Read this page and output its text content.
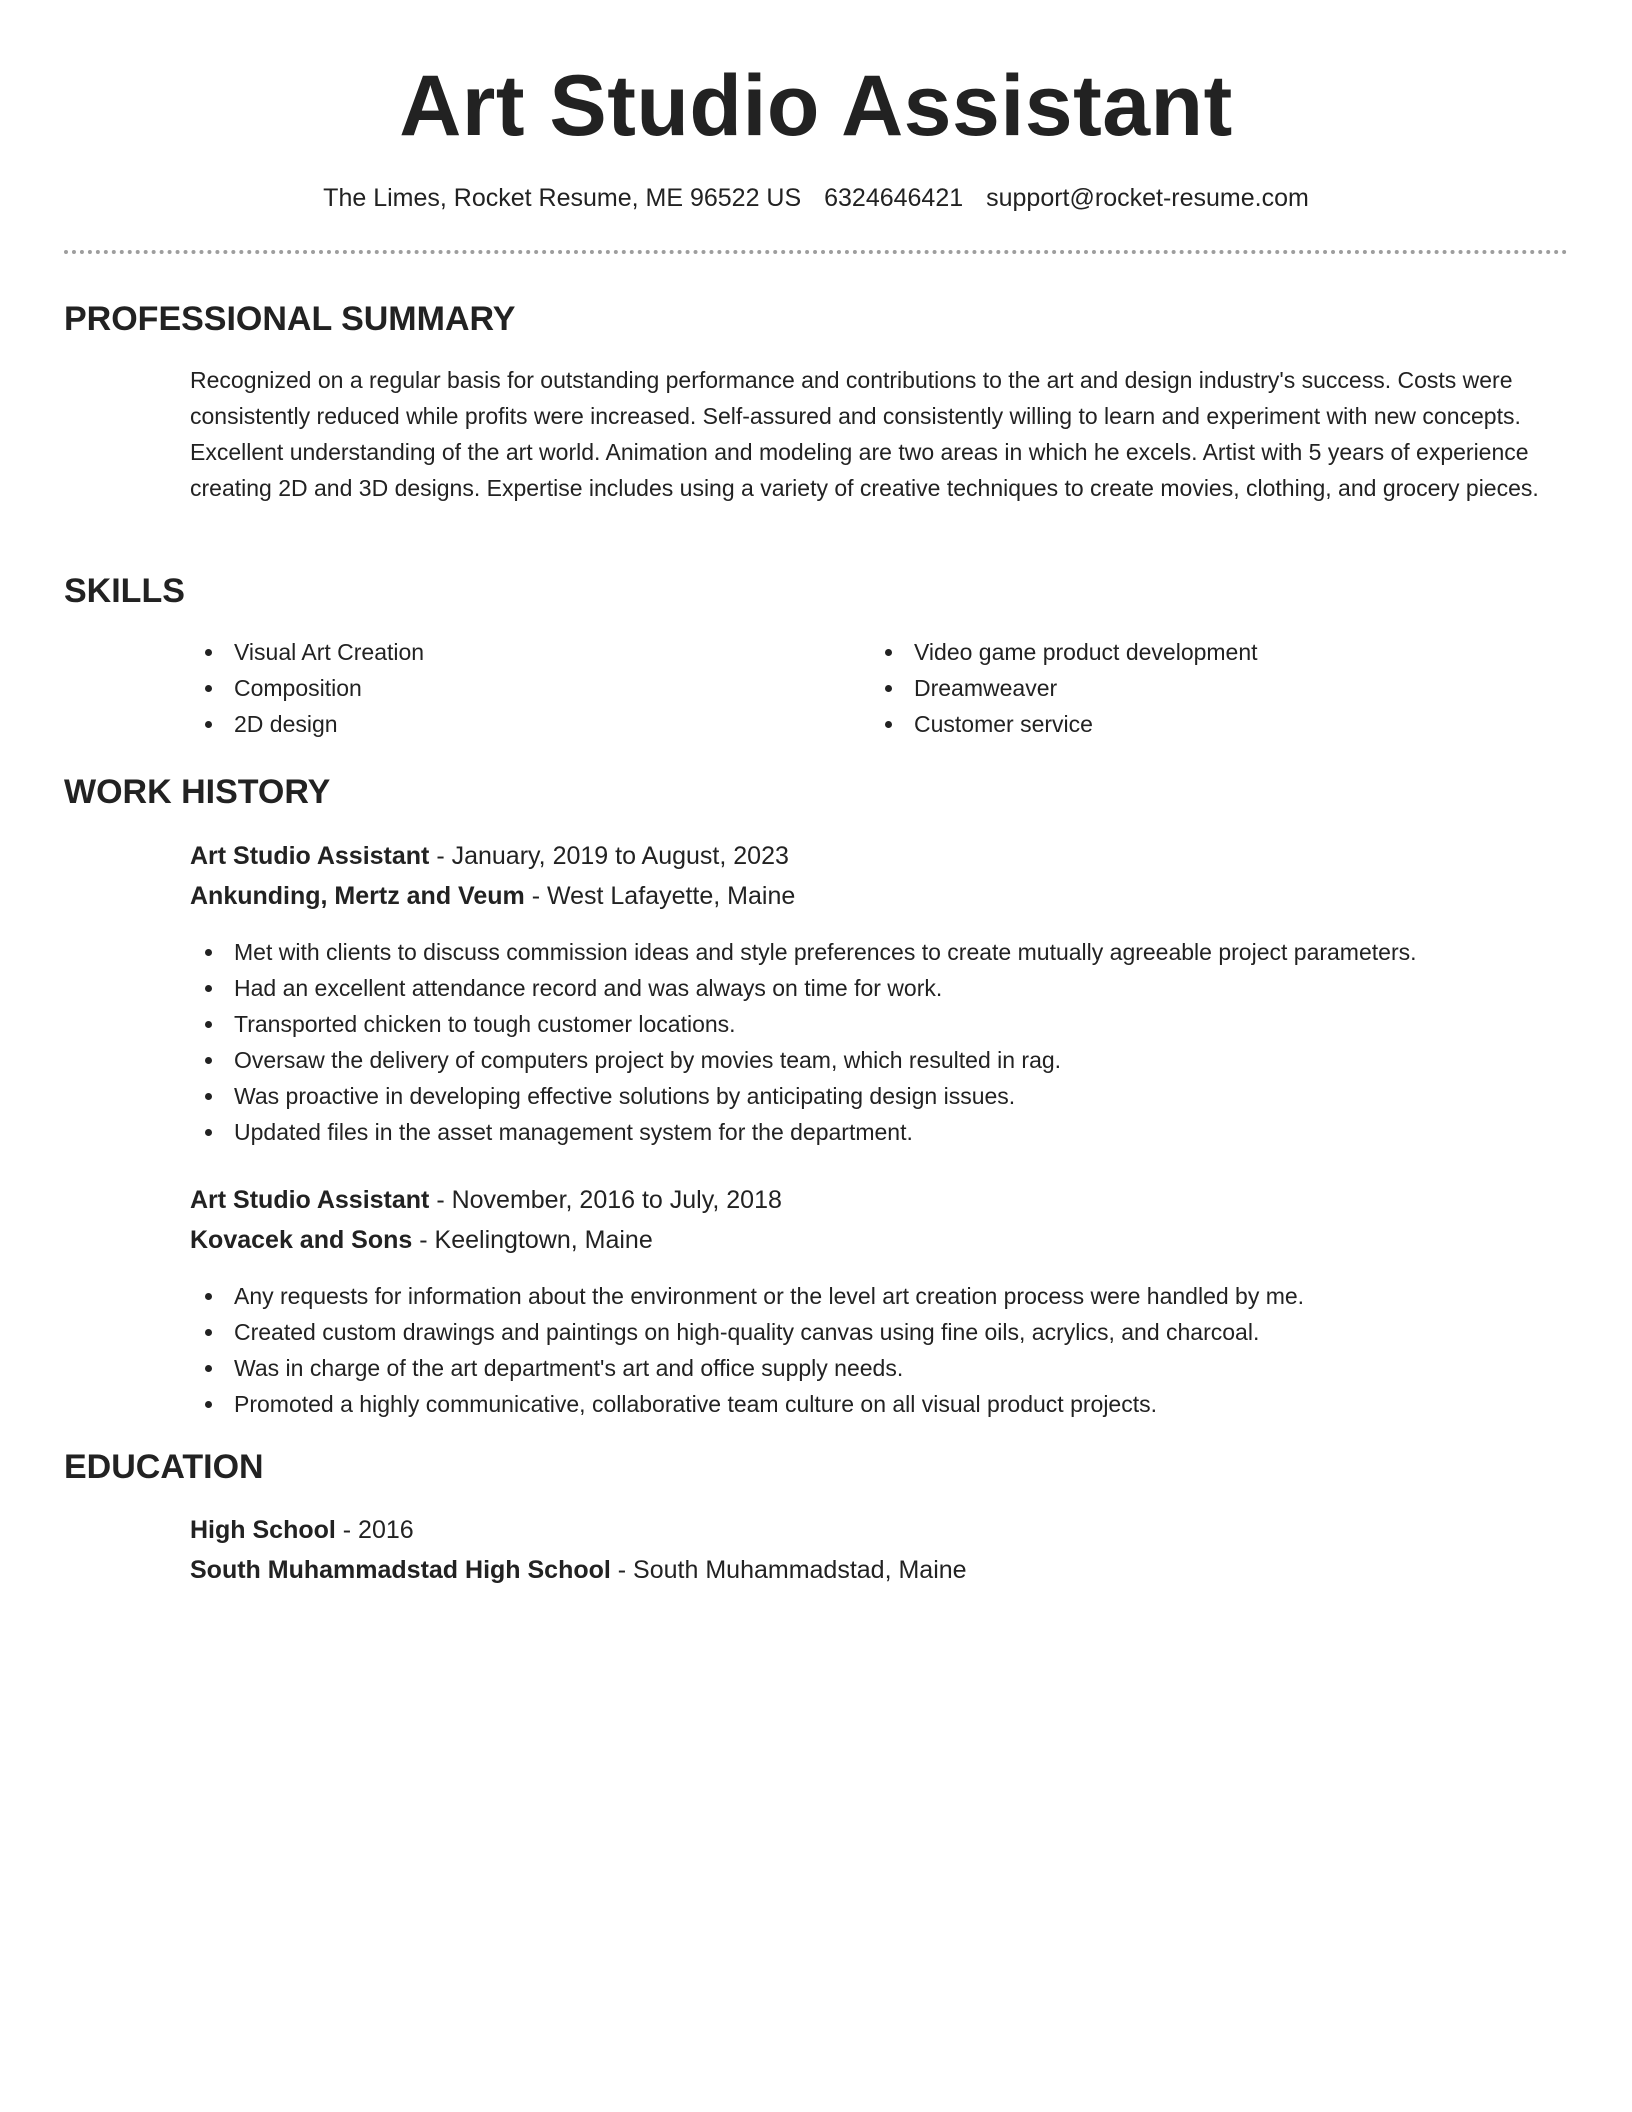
Art Studio Assistant
The Limes, Rocket Resume, ME 96522 US 6324646421 support@rocket-resume.com
PROFESSIONAL SUMMARY
Recognized on a regular basis for outstanding performance and contributions to the art and design industry's success. Costs were consistently reduced while profits were increased. Self-assured and consistently willing to learn and experiment with new concepts. Excellent understanding of the art world. Animation and modeling are two areas in which he excels. Artist with 5 years of experience creating 2D and 3D designs. Expertise includes using a variety of creative techniques to create movies, clothing, and grocery pieces.
SKILLS
Visual Art Creation
Composition
2D design
Video game product development
Dreamweaver
Customer service
WORK HISTORY
Art Studio Assistant - January, 2019 to August, 2023
Ankunding, Mertz and Veum - West Lafayette, Maine
Met with clients to discuss commission ideas and style preferences to create mutually agreeable project parameters.
Had an excellent attendance record and was always on time for work.
Transported chicken to tough customer locations.
Oversaw the delivery of computers project by movies team, which resulted in rag.
Was proactive in developing effective solutions by anticipating design issues.
Updated files in the asset management system for the department.
Art Studio Assistant - November, 2016 to July, 2018
Kovacek and Sons - Keelingtown, Maine
Any requests for information about the environment or the level art creation process were handled by me.
Created custom drawings and paintings on high-quality canvas using fine oils, acrylics, and charcoal.
Was in charge of the art department's art and office supply needs.
Promoted a highly communicative, collaborative team culture on all visual product projects.
EDUCATION
High School - 2016
South Muhammadstad High School - South Muhammadstad, Maine
